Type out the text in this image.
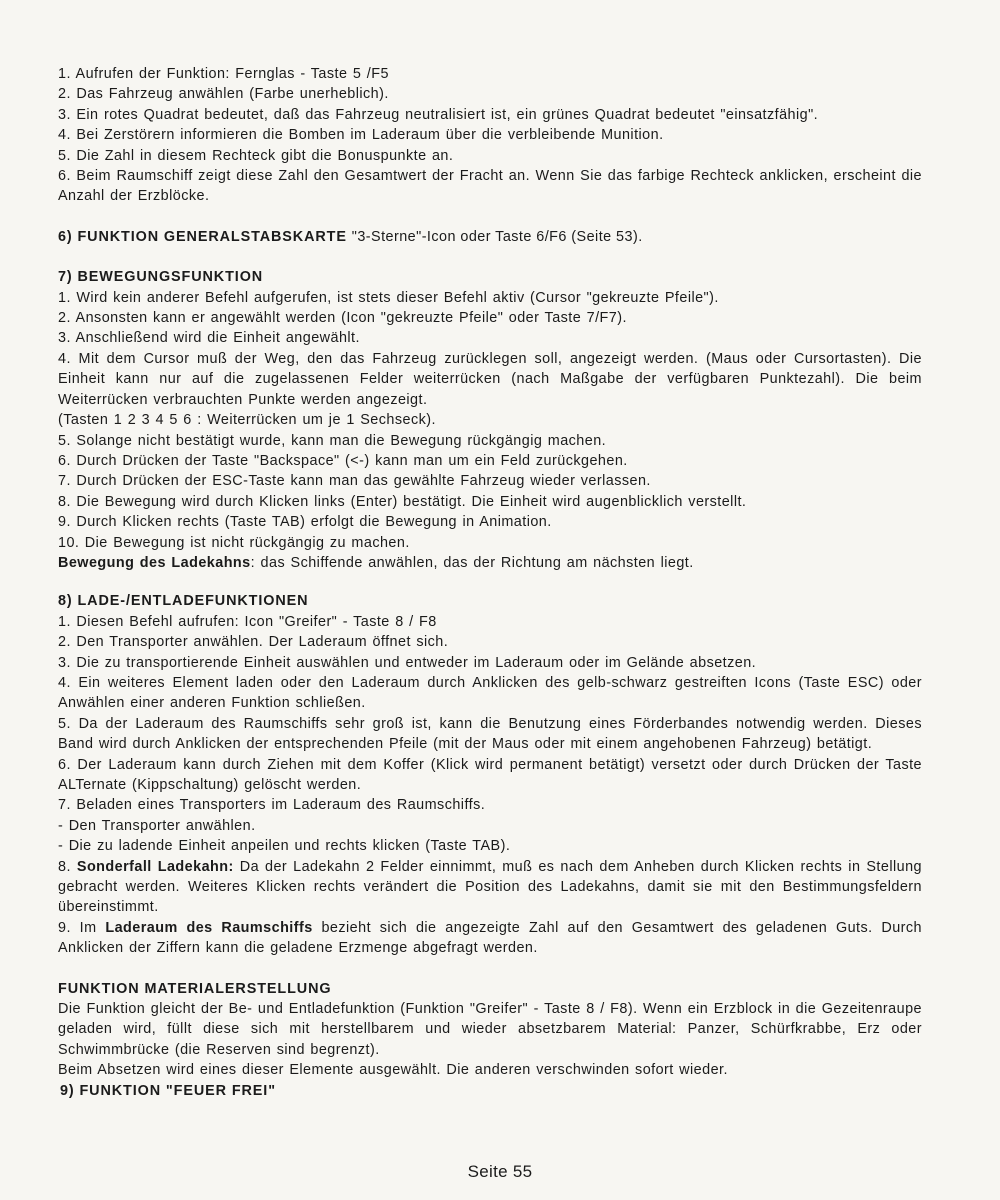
1. Aufrufen der Funktion: Fernglas - Taste 5 /F5
2. Das Fahrzeug anwählen (Farbe unerheblich).
3. Ein rotes Quadrat bedeutet, daß das Fahrzeug neutralisiert ist, ein grünes Quadrat bedeutet "einsatzfähig".
4. Bei Zerstörern informieren die Bomben im Laderaum über die verbleibende Munition.
5. Die Zahl in diesem Rechteck gibt die Bonuspunkte an.
6. Beim Raumschiff zeigt diese Zahl den Gesamtwert der Fracht an. Wenn Sie das farbige Rechteck anklicken, erscheint die Anzahl der Erzblöcke.
6) FUNKTION GENERALSTABSKARTE "3-Sterne"-Icon oder Taste 6/F6 (Seite 53).
7) BEWEGUNGSFUNKTION
1. Wird kein anderer Befehl aufgerufen, ist stets dieser Befehl aktiv (Cursor "gekreuzte Pfeile").
2. Ansonsten kann er angewählt werden (Icon "gekreuzte Pfeile" oder Taste 7/F7).
3. Anschließend wird die Einheit angewählt.
4. Mit dem Cursor muß der Weg, den das Fahrzeug zurücklegen soll, angezeigt werden. (Maus oder Cursortasten). Die Einheit kann nur auf die zugelassenen Felder weiterrücken (nach Maßgabe der verfügbaren Punktezahl). Die beim Weiterrücken verbrauchten Punkte werden angezeigt.
(Tasten 1 2 3 4 5 6 : Weiterrücken um je 1 Sechseck).
5. Solange nicht bestätigt wurde, kann man die Bewegung rückgängig machen.
6. Durch Drücken der Taste "Backspace" (<-) kann man um ein Feld zurückgehen.
7. Durch Drücken der ESC-Taste kann man das gewählte Fahrzeug wieder verlassen.
8. Die Bewegung wird durch Klicken links (Enter) bestätigt. Die Einheit wird augenblicklich verstellt.
9. Durch Klicken rechts (Taste TAB) erfolgt die Bewegung in Animation.
10. Die Bewegung ist nicht rückgängig zu machen.
Bewegung des Ladekahns: das Schiffende anwählen, das der Richtung am nächsten liegt.
8) LADE-/ENTLADEFUNKTIONEN
1. Diesen Befehl aufrufen: Icon "Greifer" - Taste 8 / F8
2. Den Transporter anwählen. Der Laderaum öffnet sich.
3. Die zu transportierende Einheit auswählen und entweder im Laderaum oder im Gelände absetzen.
4. Ein weiteres Element laden oder den Laderaum durch Anklicken des gelb-schwarz gestreiften Icons (Taste ESC) oder Anwählen einer anderen Funktion schließen.
5. Da der Laderaum des Raumschiffs sehr groß ist, kann die Benutzung eines Förderbandes notwendig werden. Dieses Band wird durch Anklicken der entsprechenden Pfeile (mit der Maus oder mit einem angehobenen Fahrzeug) betätigt.
6. Der Laderaum kann durch Ziehen mit dem Koffer (Klick wird permanent betätigt) versetzt oder durch Drücken der Taste ALTernate (Kippschaltung) gelöscht werden.
7. Beladen eines Transporters im Laderaum des Raumschiffs.
- Den Transporter anwählen.
- Die zu ladende Einheit anpeilen und rechts klicken (Taste TAB).
8. Sonderfall Ladekahn: Da der Ladekahn 2 Felder einnimmt, muß es nach dem Anheben durch Klicken rechts in Stellung gebracht werden. Weiteres Klicken rechts verändert die Position des Ladekahns, damit sie mit den Bestimmungsfeldern übereinstimmt.
9. Im Laderaum des Raumschiffs bezieht sich die angezeigte Zahl auf den Gesamtwert des geladenen Guts. Durch Anklicken der Ziffern kann die geladene Erzmenge abgefragt werden.
FUNKTION MATERIALERSTELLUNG
Die Funktion gleicht der Be- und Entladefunktion (Funktion "Greifer" - Taste 8 / F8). Wenn ein Erzblock in die Gezeitenraupe geladen wird, füllt diese sich mit herstellbarem und wieder absetzbarem Material: Panzer, Schürfkrabbe, Erz oder Schwimmbrücke (die Reserven sind begrenzt).
Beim Absetzen wird eines dieser Elemente ausgewählt. Die anderen verschwinden sofort wieder.
9) FUNKTION "FEUER FREI"
Seite 55
